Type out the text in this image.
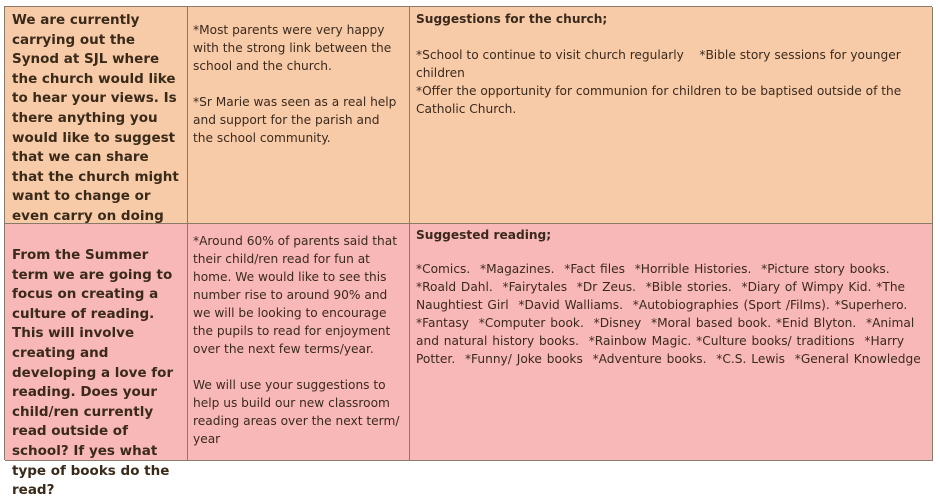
We are currently carrying out the Synod at SJL where the church would like to hear your views. Is there anything you would like to suggest that we can share that the church might want to change or even carry on doing

*Most parents were very happy with the strong link between the school and the church.

*Sr Marie was seen as a real help and support for the parish and the school community.

Suggestions for the church;

*School to continue to visit church regularly    *Bible story sessions for younger children

*Offer the opportunity for communion for children to be baptised outside of the Catholic Church.

From the Summer term we are going to focus on creating a culture of reading. This will involve creating and developing a love for reading. Does your child/ren currently read outside of school? If yes what type of books do the read?

*Around 60% of parents said that their child/ren read for fun at home. We would like to see this number rise to around 90% and we will be looking to encourage the pupils to read for enjoyment over the next few terms/year.

We will use your suggestions to help us build our new classroom reading areas over the next term/ year

Suggested reading;

*Comics.  *Magazines.  *Fact files  *Horrible Histories.  *Picture story books. *Roald Dahl.  *Fairytales  *Dr Zeus.  *Bible stories.  *Diary of Wimpy Kid. *The Naughtiest Girl  *David Walliams.  *Autobiographies (Sport /Films). *Superhero.  *Fantasy  *Computer book.  *Disney  *Moral based book. *Enid Blyton.  *Animal and natural history books.  *Rainbow Magic. *Culture books/ traditions  *Harry Potter.  *Funny/ Joke books  *Adventure books.  *C.S. Lewis  *General Knowledge
